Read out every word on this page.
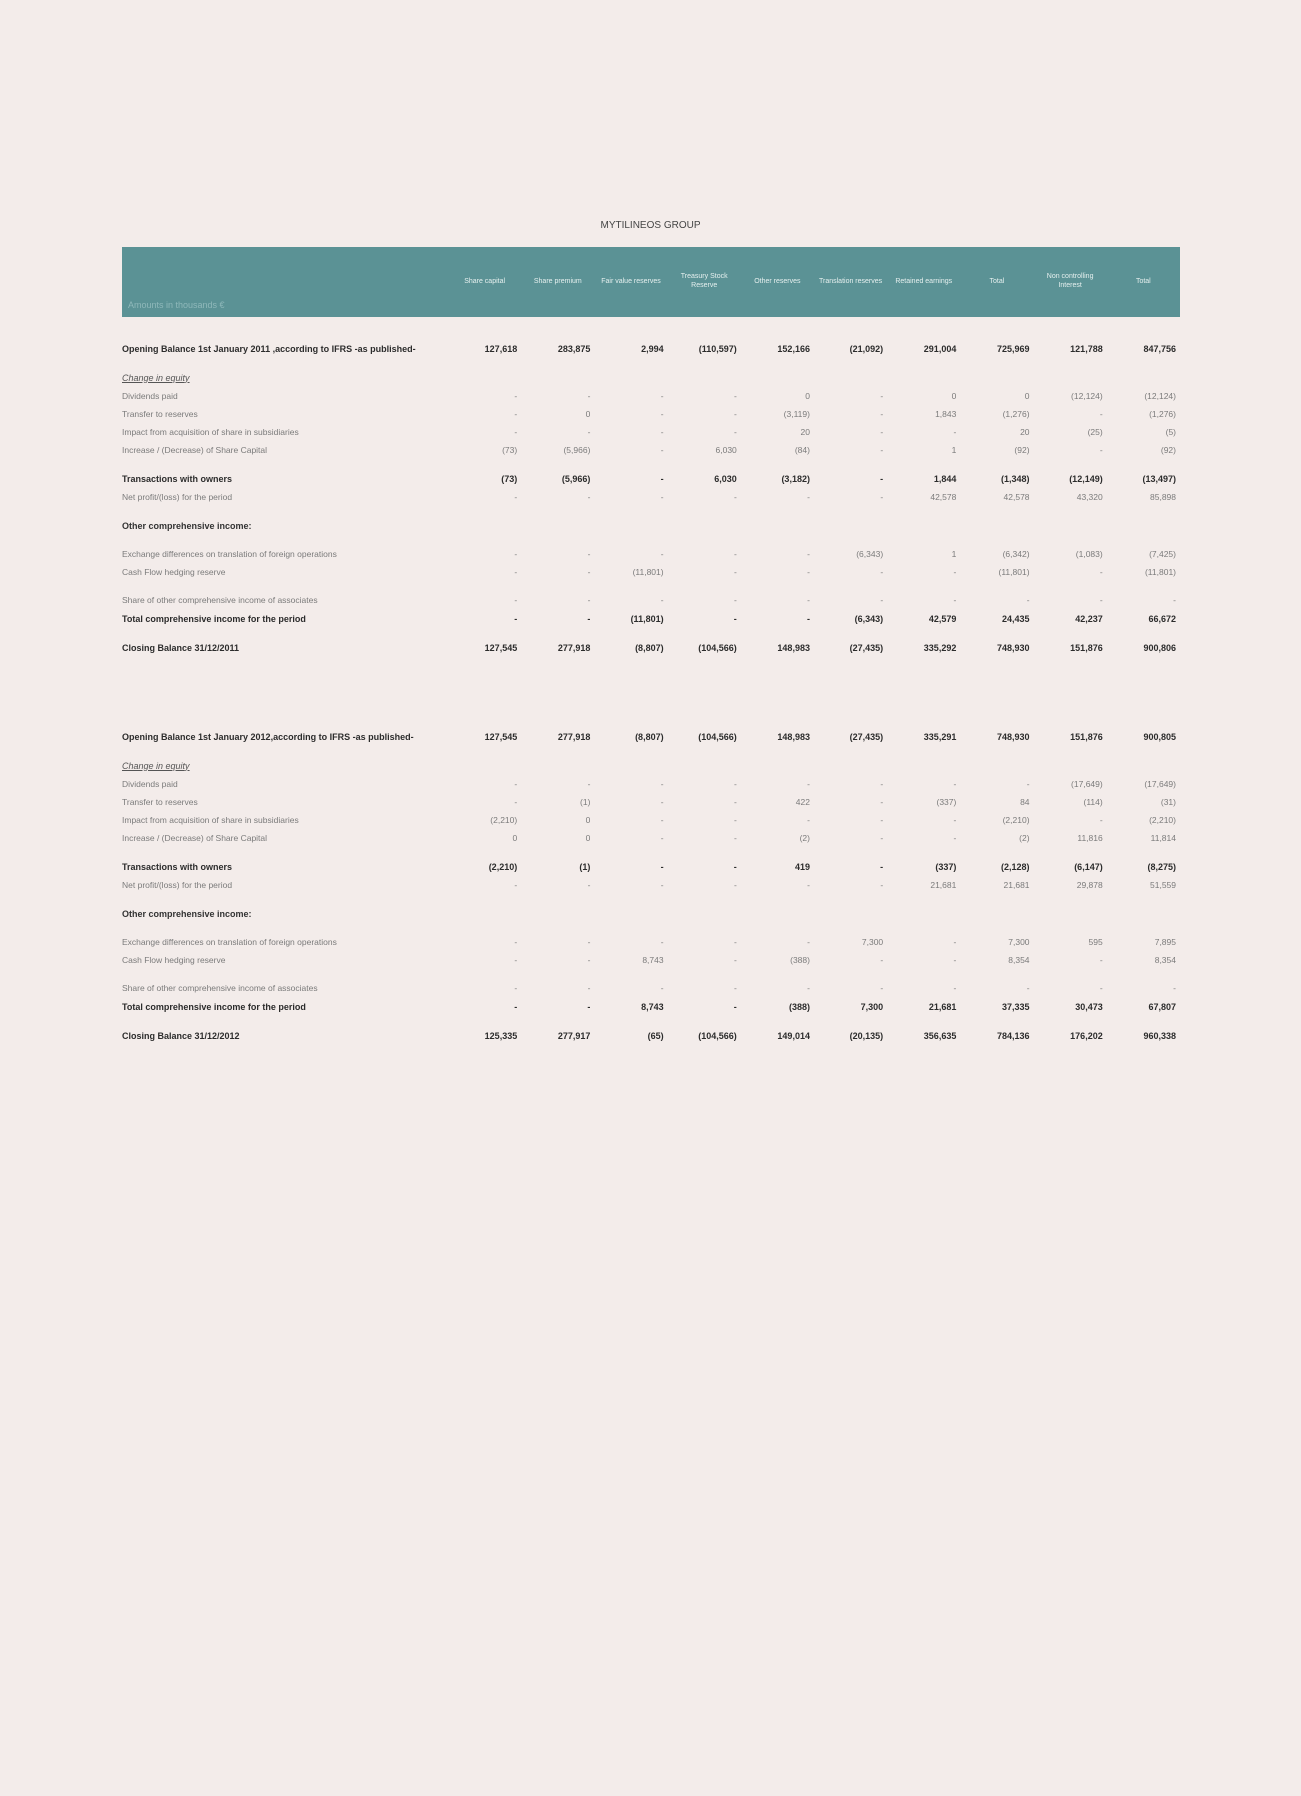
MYTILINEOS GROUP
Amounts in thousands €	Share capital	Share premium	Fair value reserves	Treasury Stock Reserve	Other reserves	Translation reserves	Retained earnings	Total	Non controlling Interest	Total

Opening Balance 1st January 2011 ,according to IFRS -as published-	127,618	283,875	2,994	(110,597)	152,166	(21,092)	291,004	725,969	121,788	847,756

Change in equity										
Dividends paid	-	-	-	-	0	-	0	0	(12,124)	(12,124)
Transfer to reserves	-	0	-	-	(3,119)	-	1,843	(1,276)	-	(1,276)
Impact from acquisition of share in subsidiaries	-	-	-	-	20	-	-	20	(25)	(5)
Increase / (Decrease) of Share Capital	(73)	(5,966)	-	6,030	(84)	-	1	(92)	-	(92)

Transactions with owners	(73)	(5,966)	-	6,030	(3,182)	-	1,844	(1,348)	(12,149)	(13,497)
Net profit/(loss) for the period	-	-	-	-	-	-	42,578	42,578	43,320	85,898

Other comprehensive income:										

Exchange differences on translation of foreign operations	-	-	-	-	-	(6,343)	1	(6,342)	(1,083)	(7,425)
Cash Flow hedging reserve	-	-	(11,801)	-	-	-	-	(11,801)	-	(11,801)

Share of other comprehensive income of associates	-	-	-	-	-	-	-	-	-	-
Total comprehensive income for the period	-	-	(11,801)	-	-	(6,343)	42,579	24,435	42,237	66,672

Closing Balance 31/12/2011	127,545	277,918	(8,807)	(104,566)	148,983	(27,435)	335,292	748,930	151,876	900,806

Opening Balance 1st January 2012,according to IFRS -as published-	127,545	277,918	(8,807)	(104,566)	148,983	(27,435)	335,291	748,930	151,876	900,805

Change in equity										
Dividends paid	-	-	-	-	-	-	-	-	(17,649)	(17,649)
Transfer to reserves	-	(1)	-	-	422	-	(337)	84	(114)	(31)
Impact from acquisition of share in subsidiaries	(2,210)	0	-	-	-	-	-	(2,210)	-	(2,210)
Increase / (Decrease) of Share Capital	0	0	-	-	(2)	-	-	(2)	11,816	11,814

Transactions with owners	(2,210)	(1)	-	-	419	-	(337)	(2,128)	(6,147)	(8,275)
Net profit/(loss) for the period	-	-	-	-	-	-	21,681	21,681	29,878	51,559

Other comprehensive income:										

Exchange differences on translation of foreign operations	-	-	-	-	-	7,300	-	7,300	595	7,895
Cash Flow hedging reserve	-	-	8,743	-	(388)	-	-	8,354	-	8,354

Share of other comprehensive income of associates	-	-	-	-	-	-	-	-	-	-
Total comprehensive income for the period	-	-	8,743	-	(388)	7,300	21,681	37,335	30,473	67,807

Closing Balance 31/12/2012	125,335	277,917	(65)	(104,566)	149,014	(20,135)	356,635	784,136	176,202	960,338
